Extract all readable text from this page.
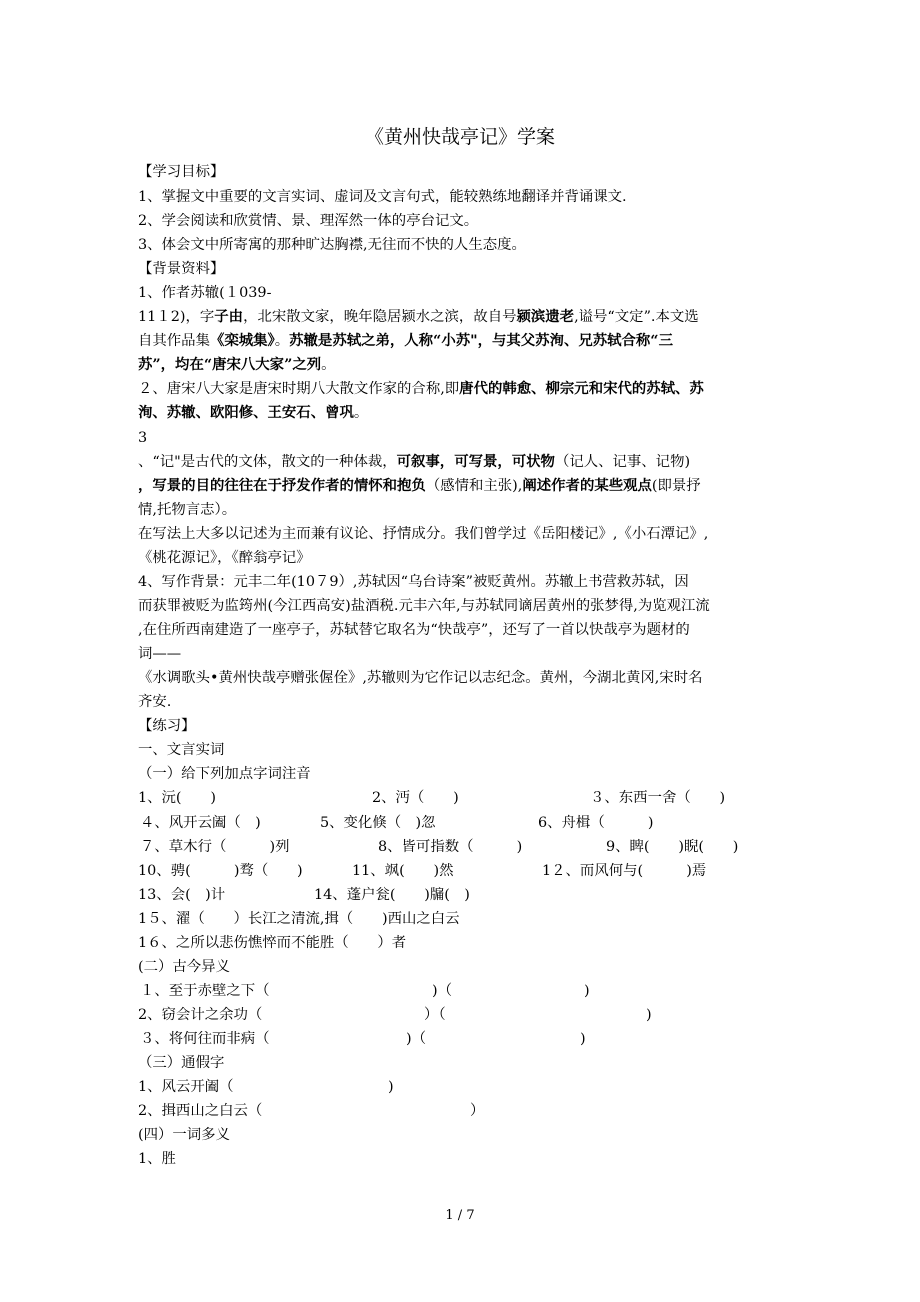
《黄州快哉亭记》学案
【学习目标】
1、掌握文中重要的文言实词、虚词及文言句式，能较熟练地翻译并背诵课文.
2、学会阅读和欣赏情、景、理浑然一体的亭台记文。
3、体会文中所寄寓的那种旷达胸襟,无往而不快的人生态度。
【背景资料】
1、作者苏辙(１039-
11１2)，字子由，北宋散文家，晚年隐居颍水之滨，故自号颍滨遗老,谥号“文定”.本文选
自其作品集《栾城集》。苏辙是苏轼之弟，人称“小苏"，与其父苏洵、兄苏轼合称“三
苏”，均在“唐宋八大家”之列。
２、唐宋八大家是唐宋时期八大散文作家的合称,即唐代的韩愈、柳宗元和宋代的苏轼、苏
洵、苏辙、欧阳修、王安石、曾巩。
3
、“记"是古代的文体，散文的一种体裁，可叙事，可写景，可状物（记人、记事、记物)
，写景的目的往往在于抒发作者的情怀和抱负（感情和主张),阐述作者的某些观点(即景抒
情,托物言志）。
在写法上大多以记述为主而兼有议论、抒情成分。我们曾学过《岳阳楼记》,《小石潭记》,
《桃花源记》，《醉翁亭记》
4、写作背景：元丰二年(10７9）,苏轼因“乌台诗案”被贬黄州。苏辙上书营救苏轼，因
而获罪被贬为监筠州(今江西高安)盐酒税.元丰六年,与苏轼同谪居黄州的张梦得,为览观江流
,在住所西南建造了一座亭子，苏轼替它取名为“快哉亭”，还写了一首以快哉亭为题材的
词——
《水调歌头•黄州快哉亭赠张偓佺》,苏辙则为它作记以志纪念。黄州，今湖北黄冈,宋时名
齐安.
【练习】
一、文言实词
（一）给下列加点字词注音
1、沅(　　)	2、沔（　　)	３、东西一舍（　　)
４、风开云阖（　)	5、变化倏（　)忽	6、舟楫（　　　)
７、草木行（　　　)列	8、皆可指数（　　　)	9、睥(　　)睨(　　)
10、骋(　　　)骛（　　)	11、飒(　　)然	1２、而风何与(　　　)焉
13、会(　)计	14、蓬户瓮(　　)牖(　)
1５、濯（　　）长江之清流,揖（　　)西山之白云
1６、之所以悲伤憔悴而不能胜（　　）者
(二）古今异义
１、至于赤壁之下（	)（	)
2、窃会计之余功（	）（	)
３、将何往而非病（	)（	)
（三）通假字
1、风云开阖（	)
2、揖西山之白云（	）
(四）一词多义
1、胜
1 / 7
